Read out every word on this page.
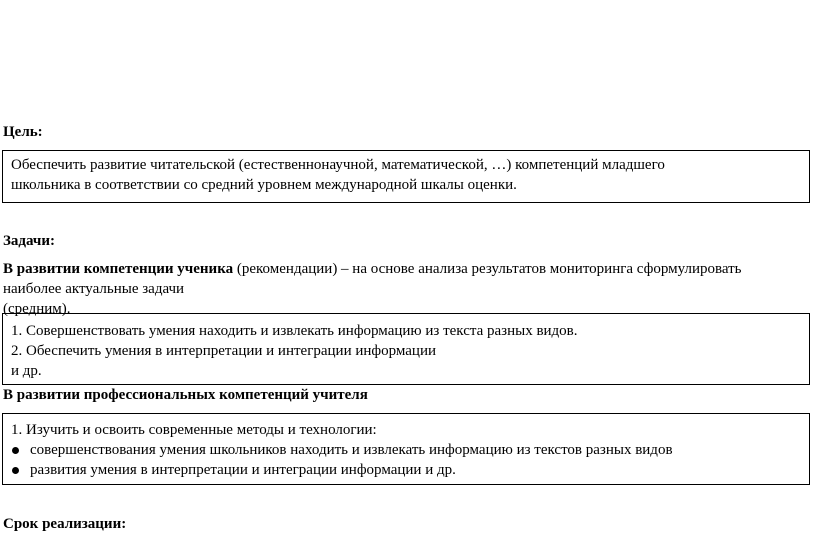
Цель:
Обеспечить развитие читательской (естественнонаучной, математической, …) компетенций младшего
школьника в соответствии со средний уровнем международной шкалы оценки.
Задачи:
В развитии компетенции ученика (рекомендации) – на основе анализа результатов мониторинга сформулировать
наиболее актуальные задачи
(средним).
1. Совершенствовать умения находить и извлекать информацию из текста разных видов.
2. Обеспечить умения в интерпретации и интеграции информации
и др.
В развитии профессиональных компетенций учителя
1. Изучить и освоить современные методы и технологии:
совершенствования умения школьников находить и извлекать информацию из текстов разных видов
развития умения в интерпретации и интеграции информации и др.
Срок реализации:
